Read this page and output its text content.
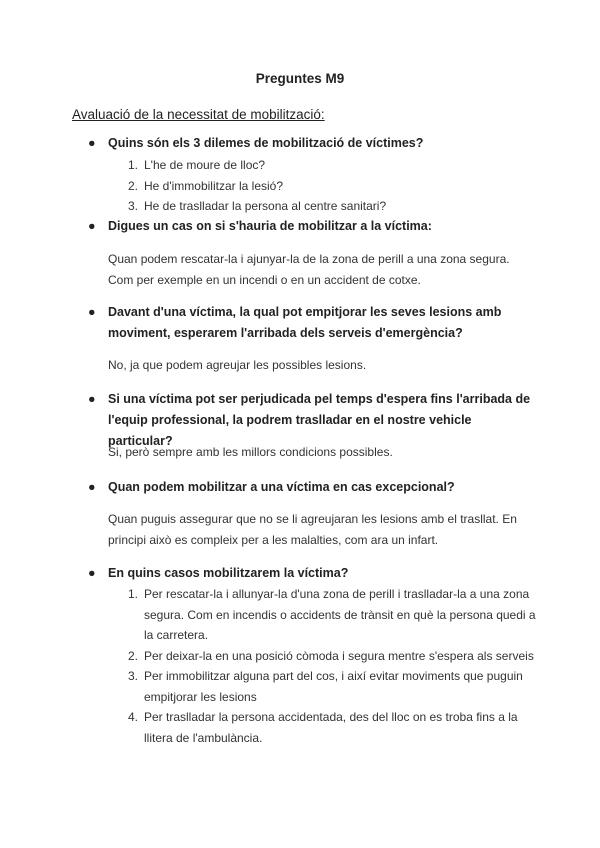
Preguntes M9
Avaluació de la necessitat de mobilització:
● Quins són els 3 dilemes de mobilització de víctimes?
1. L'he de moure de lloc?
2. He d'immobilitzar la lesió?
3. He de traslladar la persona al centre sanitari?
● Digues un cas on si s'hauria de mobilitzar a la víctima:
Quan podem rescatar-la i ajunyar-la de la zona de perill a una zona segura. Com per exemple en un incendi o en un accident de cotxe.
● Davant d'una víctima, la qual pot empitjorar les seves lesions amb moviment, esperarem l'arribada dels serveis d'emergència?
No, ja que podem agreujar les possibles lesions.
● Si una víctima pot ser perjudicada pel temps d'espera fins l'arribada de l'equip professional, la podrem traslladar en el nostre vehicle particular?
Si, però sempre amb les millors condicions possibles.
● Quan podem mobilitzar a una víctima en cas excepcional?
Quan puguis assegurar que no se li agreujaran les lesions amb el trasllat. En principi això es compleix per a les malalties, com ara un infart.
● En quins casos mobilitzarem la víctima?
1. Per rescatar-la i allunyar-la d'una zona de perill i traslladar-la a una zona segura. Com en incendis o accidents de trànsit en què la persona quedi a la carretera.
2. Per deixar-la en una posició còmoda i segura mentre s'espera als serveis
3. Per immobilitzar alguna part del cos, i així evitar moviments que puguin empitjorar les lesions
4. Per traslladar la persona accidentada, des del lloc on es troba fins a la llitera de l'ambulància.
